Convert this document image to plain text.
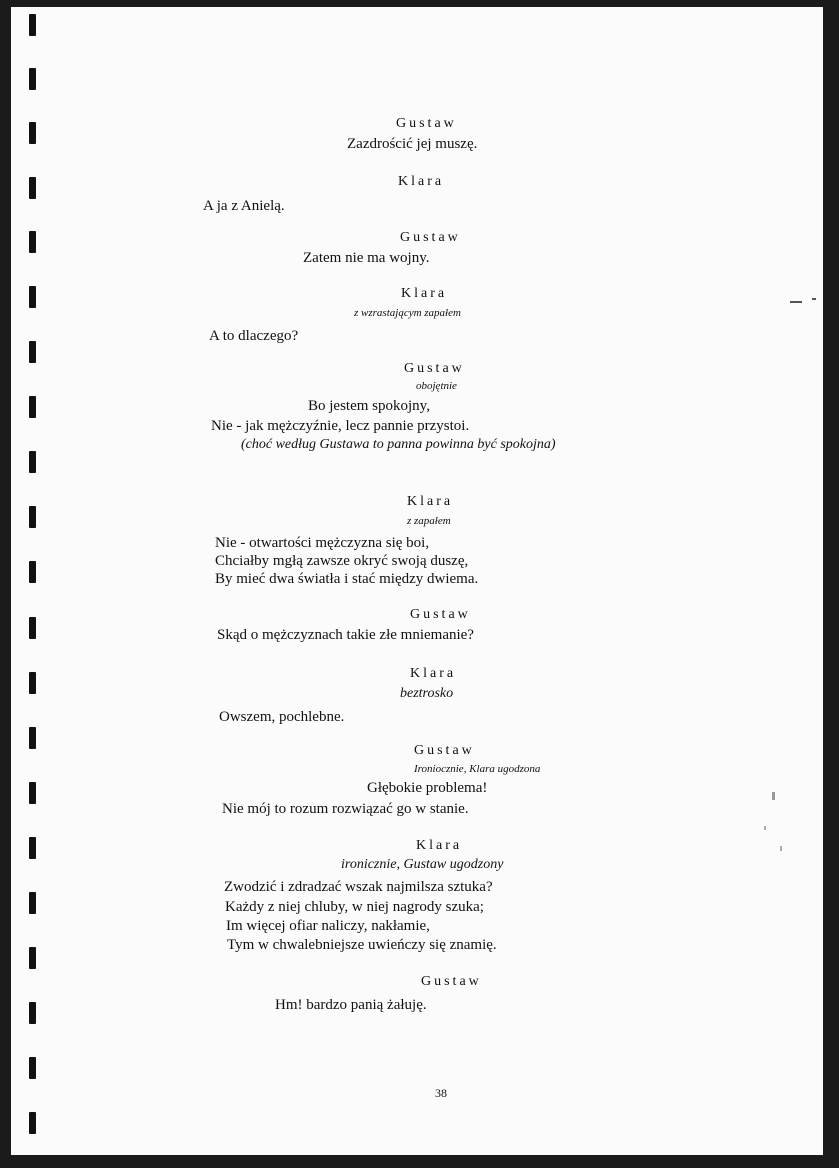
Gustaw
Zazdrościć jej muszę.
Klara
A ja z Anielą.
Gustaw
Zatem nie ma wojny.
Klara
z wzrastającym zapałem
A to dlaczego?
Gustaw
obojętnie
Bo jestem spokojny,
Nie - jak mężczyźnie, lecz pannie przystoi.
(choć według Gustawa to panna powinna być spokojna)
Klara
z zapałem
Nie - otwartości mężczyzna się boi,
Chciałby mgłą zawsze okryć swoją duszę,
By mieć dwa światła i stać między dwiema.
Gustaw
Skąd o mężczyznach takie złe mniemanie?
Klara
beztrosko
Owszem, pochlebne.
Gustaw
Ironiocznie, Klara ugodzona
Głębokie problema!
Nie mój to rozum rozwiązać go w stanie.
Klara
ironicznie, Gustaw ugodzony
Zwodzić i zdradzać wszak najmilsza sztuka?
Każdy z niej chluby, w niej nagrody szuka;
Im więcej ofiar naliczy, nakłamie,
Tym w chwalebniejsze uwieńczy się znamię.
Gustaw
Hm! bardzo panią żałuję.
38
